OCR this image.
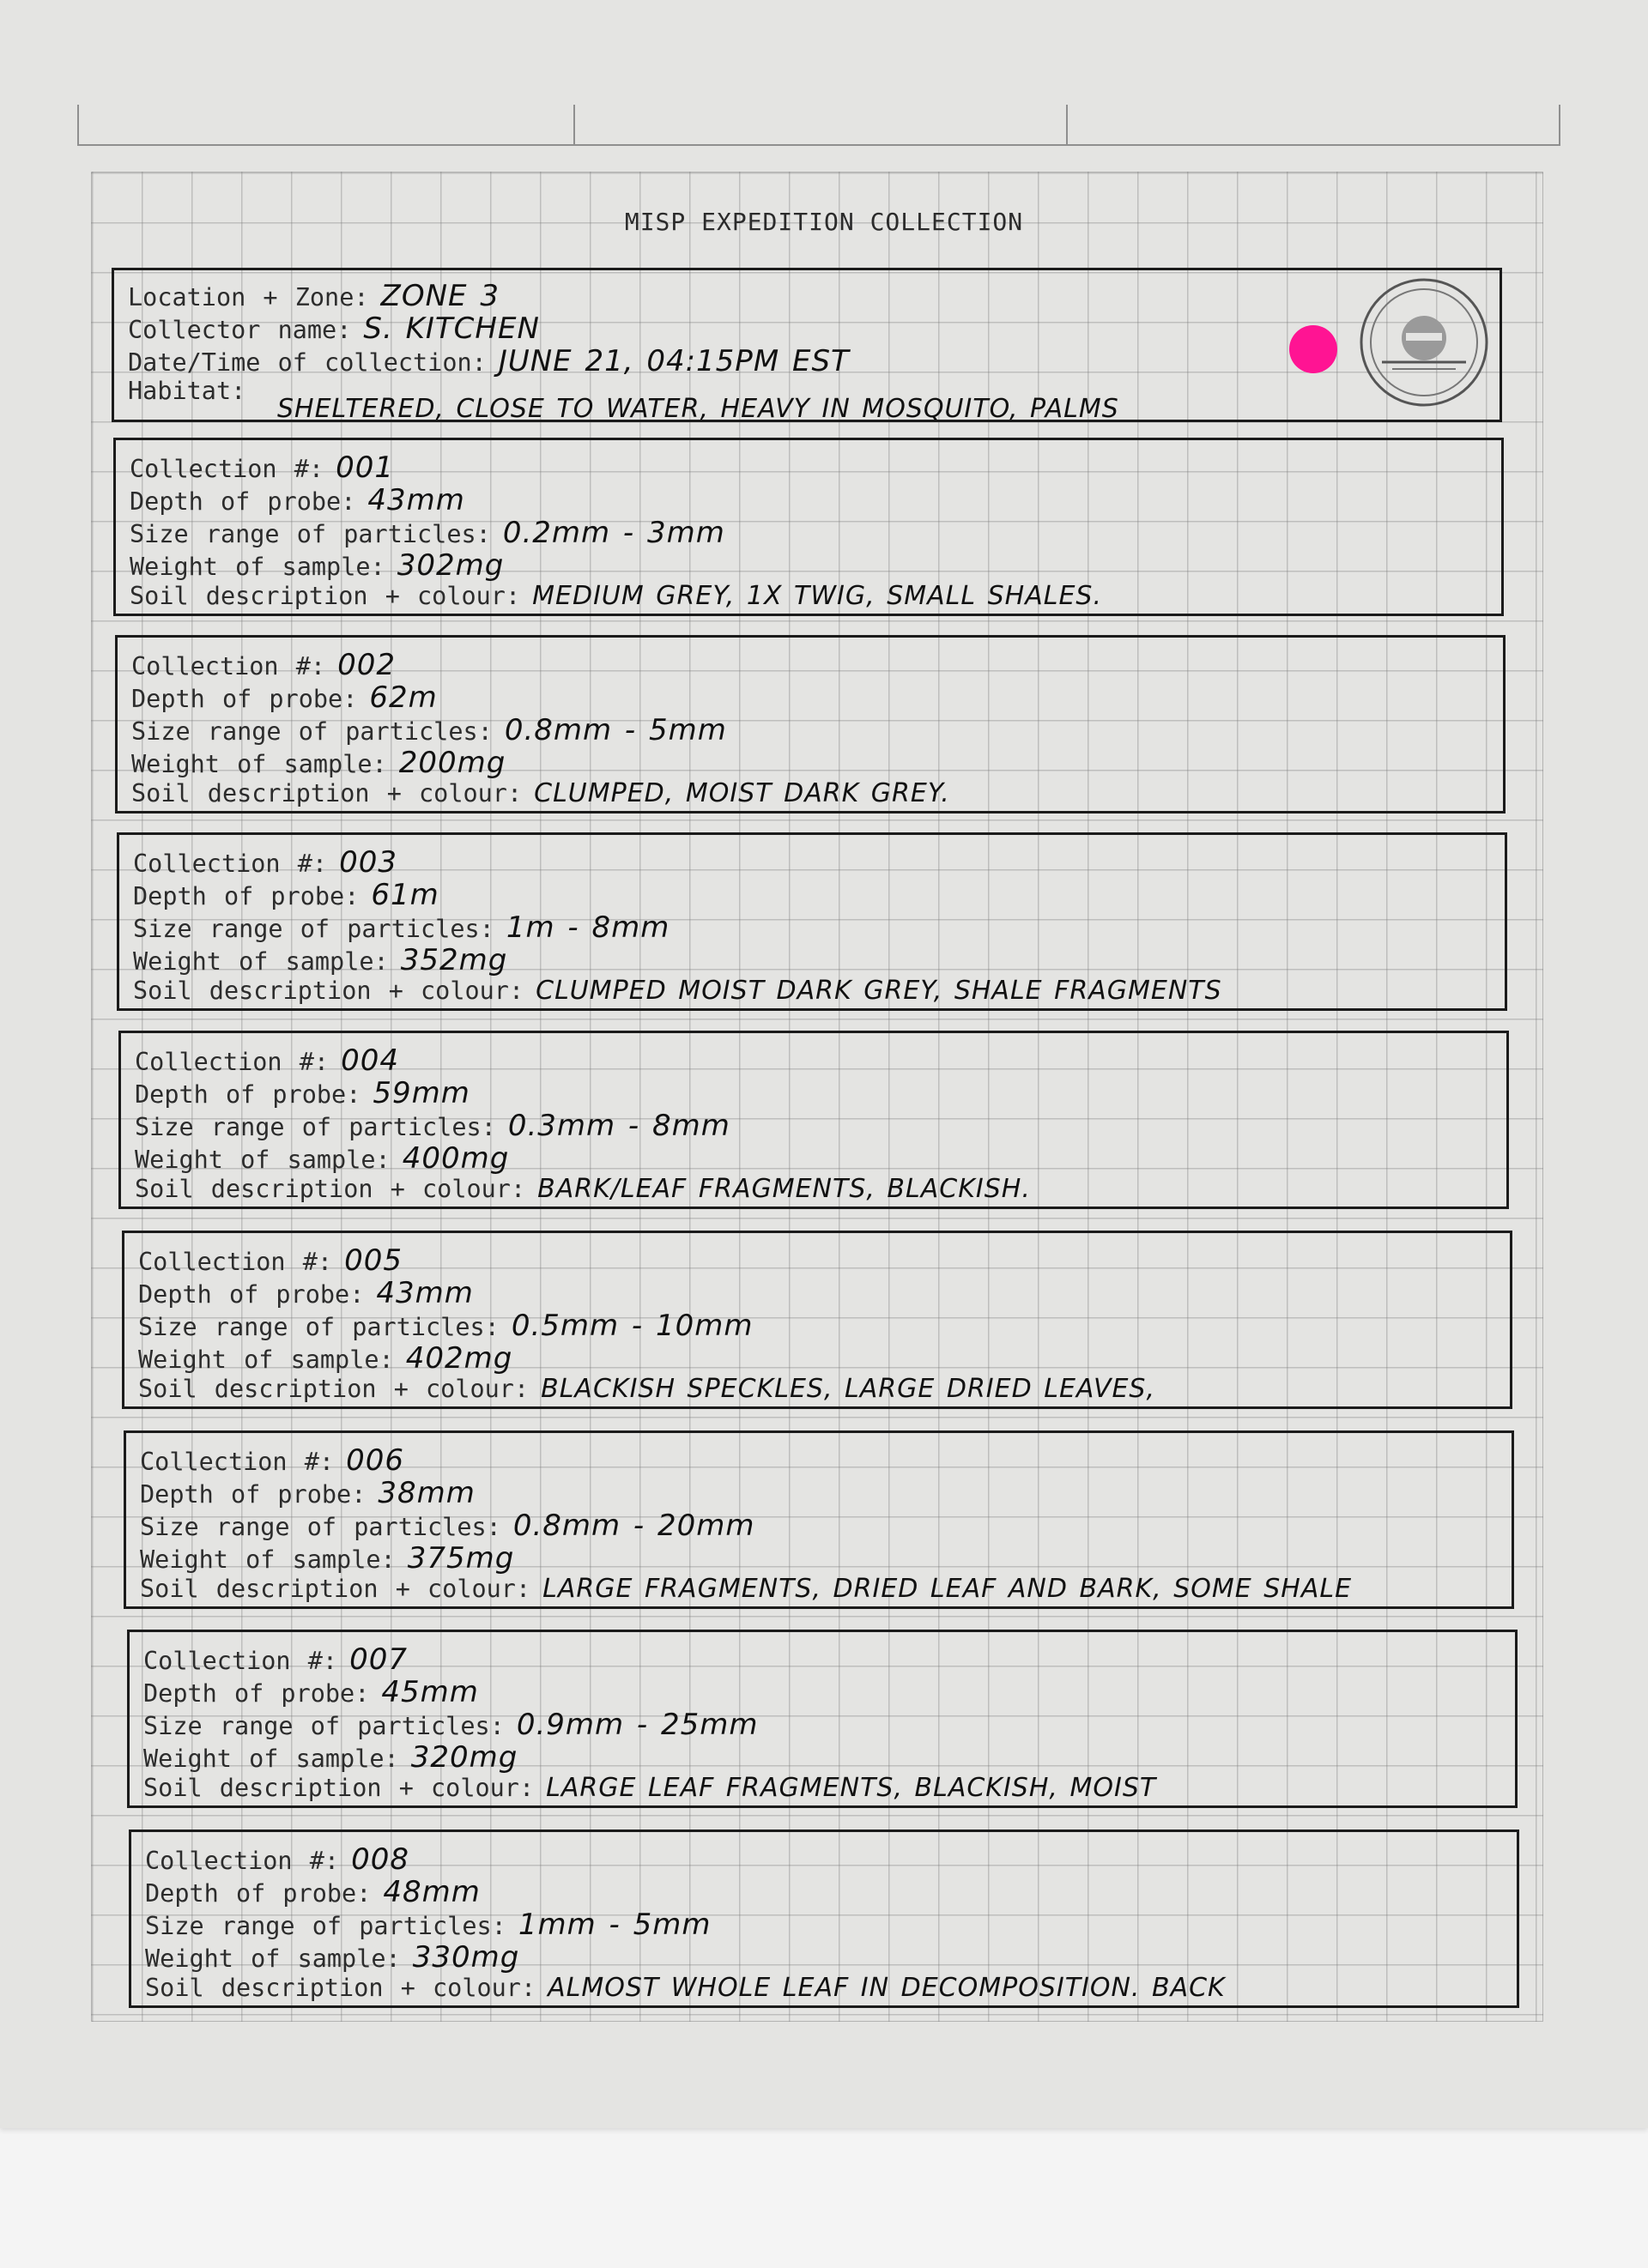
MISP EXPEDITION COLLECTION
Location + Zone: ZONE 3
Collector name: S. KITCHEN
Date/Time of collection: JUNE 21, 04:15PM EST
Habitat:
SHELTERED, CLOSE TO WATER, HEAVY IN MOSQUITO, PALMS
Collection #: 001
Depth of probe: 43mm
Size range of particles: 0.2mm - 3mm
Weight of sample: 302mg
Soil description + colour: MEDIUM GREY, 1X TWIG, SMALL SHALES.
Collection #: 002
Depth of probe: 62m
Size range of particles: 0.8mm - 5mm
Weight of sample: 200mg
Soil description + colour: CLUMPED, MOIST DARK GREY.
Collection #: 003
Depth of probe: 61m
Size range of particles: 1m - 8mm
Weight of sample: 352mg
Soil description + colour: CLUMPED MOIST DARK GREY, SHALE FRAGMENTS
Collection #: 004
Depth of probe: 59mm
Size range of particles: 0.3mm - 8mm
Weight of sample: 400mg
Soil description + colour: BARK/LEAF FRAGMENTS, BLACKISH.
Collection #: 005
Depth of probe: 43mm
Size range of particles: 0.5mm - 10mm
Weight of sample: 402mg
Soil description + colour: BLACKISH SPECKLES, LARGE DRIED LEAVES,
Collection #: 006
Depth of probe: 38mm
Size range of particles: 0.8mm - 20mm
Weight of sample: 375mg
Soil description + colour: LARGE FRAGMENTS, DRIED LEAF AND BARK, SOME SHALE
Collection #: 007
Depth of probe: 45mm
Size range of particles: 0.9mm - 25mm
Weight of sample: 320mg
Soil description + colour: LARGE LEAF FRAGMENTS, BLACKISH, MOIST
Collection #: 008
Depth of probe: 48mm
Size range of particles: 1mm - 5mm
Weight of sample: 330mg
Soil description + colour: ALMOST WHOLE LEAF IN DECOMPOSITION. BACK
